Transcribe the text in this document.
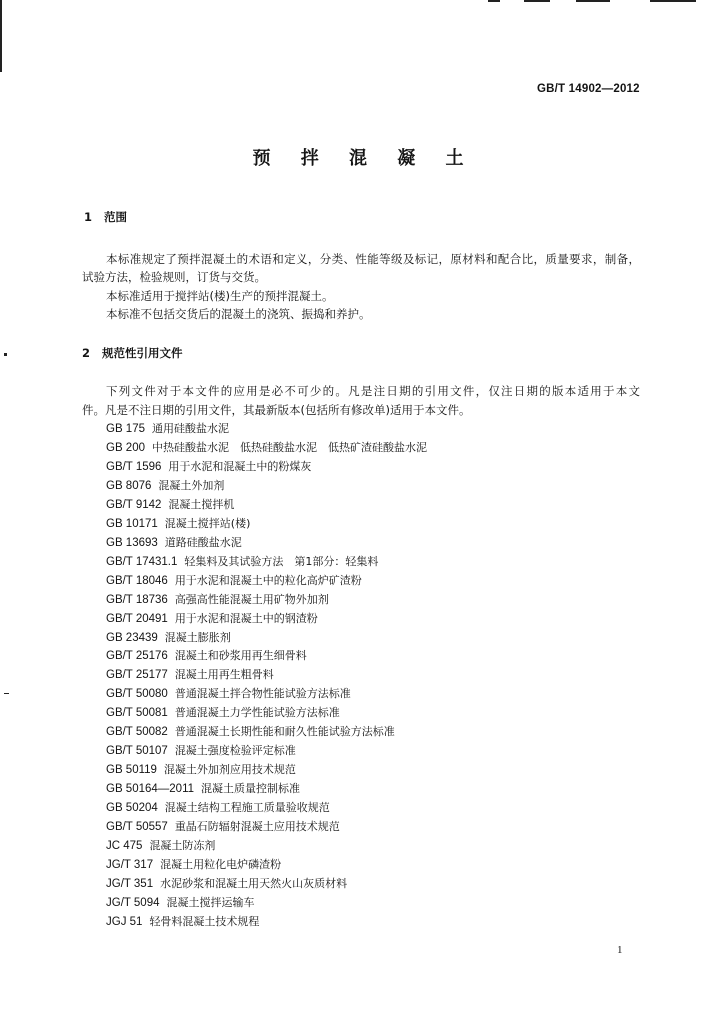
GB/T 14902—2012
预 拌 混 凝 土
1 范围
本标准规定了预拌混凝土的术语和定义，分类、性能等级及标记，原材料和配合比，质量要求，制备，
试验方法，检验规则，订货与交货。
本标准适用于搅拌站(楼)生产的预拌混凝土。
本标准不包括交货后的混凝土的浇筑、振捣和养护。
2 规范性引用文件
下列文件对于本文件的应用是必不可少的。凡是注日期的引用文件，仅注日期的版本适用于本文
件。凡是不注日期的引用文件，其最新版本(包括所有修改单)适用于本文件。
GB 175 通用硅酸盐水泥
GB 200 中热硅酸盐水泥　低热硅酸盐水泥　低热矿渣硅酸盐水泥
GB/T 1596 用于水泥和混凝土中的粉煤灰
GB 8076 混凝土外加剂
GB/T 9142 混凝土搅拌机
GB 10171 混凝土搅拌站(楼)
GB 13693 道路硅酸盐水泥
GB/T 17431.1 轻集料及其试验方法　第1部分：轻集料
GB/T 18046 用于水泥和混凝土中的粒化高炉矿渣粉
GB/T 18736 高强高性能混凝土用矿物外加剂
GB/T 20491 用于水泥和混凝土中的钢渣粉
GB 23439 混凝土膨胀剂
GB/T 25176 混凝土和砂浆用再生细骨料
GB/T 25177 混凝土用再生粗骨料
GB/T 50080 普通混凝土拌合物性能试验方法标准
GB/T 50081 普通混凝土力学性能试验方法标准
GB/T 50082 普通混凝土长期性能和耐久性能试验方法标准
GB/T 50107 混凝土强度检验评定标准
GB 50119 混凝土外加剂应用技术规范
GB 50164—2011 混凝土质量控制标准
GB 50204 混凝土结构工程施工质量验收规范
GB/T 50557 重晶石防辐射混凝土应用技术规范
JC 475 混凝土防冻剂
JG/T 317 混凝土用粒化电炉磷渣粉
JG/T 351 水泥砂浆和混凝土用天然火山灰质材料
JG/T 5094 混凝土搅拌运输车
JGJ 51 轻骨料混凝土技术规程
1
